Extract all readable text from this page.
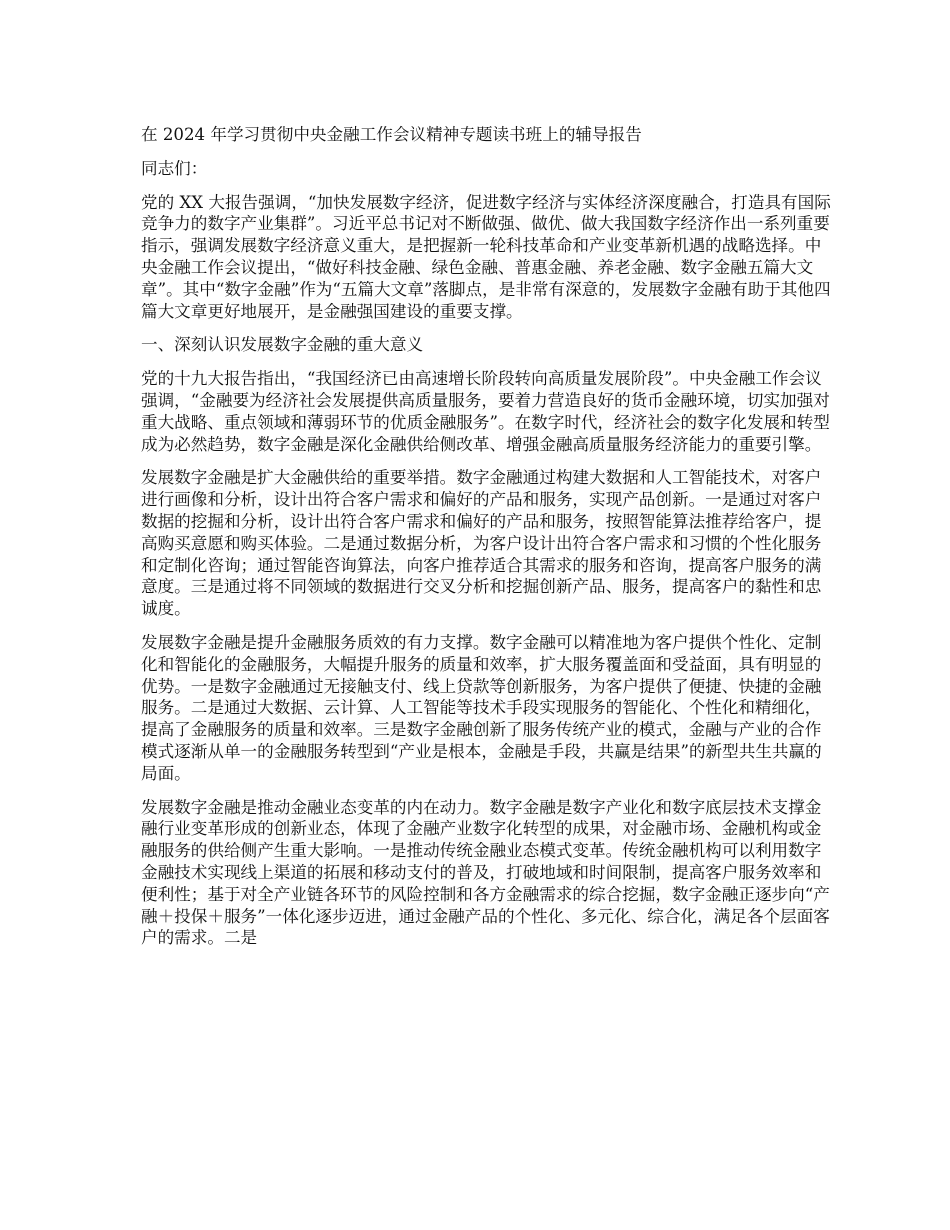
在 2024 年学习贯彻中央金融工作会议精神专题读书班上的辅导报告
同志们：
党的 XX 大报告强调，“加快发展数字经济，促进数字经济与实体经济深度融合，打造具有国际竞争力的数字产业集群”。习近平总书记对不断做强、做优、做大我国数字经济作出一系列重要指示，强调发展数字经济意义重大，是把握新一轮科技革命和产业变革新机遇的战略选择。中央金融工作会议提出，“做好科技金融、绿色金融、普惠金融、养老金融、数字金融五篇大文章”。其中“数字金融”作为“五篇大文章”落脚点，是非常有深意的，发展数字金融有助于其他四篇大文章更好地展开，是金融强国建设的重要支撑。
一、深刻认识发展数字金融的重大意义
党的十九大报告指出，“我国经济已由高速增长阶段转向高质量发展阶段”。中央金融工作会议强调，“金融要为经济社会发展提供高质量服务，要着力营造良好的货币金融环境，切实加强对重大战略、重点领域和薄弱环节的优质金融服务”。在数字时代，经济社会的数字化发展和转型成为必然趋势，数字金融是深化金融供给侧改革、增强金融高质量服务经济能力的重要引擎。
发展数字金融是扩大金融供给的重要举措。数字金融通过构建大数据和人工智能技术，对客户进行画像和分析，设计出符合客户需求和偏好的产品和服务，实现产品创新。一是通过对客户数据的挖掘和分析，设计出符合客户需求和偏好的产品和服务，按照智能算法推荐给客户，提高购买意愿和购买体验。二是通过数据分析，为客户设计出符合客户需求和习惯的个性化服务和定制化咨询；通过智能咨询算法，向客户推荐适合其需求的服务和咨询，提高客户服务的满意度。三是通过将不同领域的数据进行交叉分析和挖掘创新产品、服务，提高客户的黏性和忠诚度。
发展数字金融是提升金融服务质效的有力支撑。数字金融可以精准地为客户提供个性化、定制化和智能化的金融服务，大幅提升服务的质量和效率，扩大服务覆盖面和受益面，具有明显的优势。一是数字金融通过无接触支付、线上贷款等创新服务，为客户提供了便捷、快捷的金融服务。二是通过大数据、云计算、人工智能等技术手段实现服务的智能化、个性化和精细化，提高了金融服务的质量和效率。三是数字金融创新了服务传统产业的模式，金融与产业的合作模式逐渐从单一的金融服务转型到“产业是根本，金融是手段，共赢是结果”的新型共生共赢的局面。
发展数字金融是推动金融业态变革的内在动力。数字金融是数字产业化和数字底层技术支撑金融行业变革形成的创新业态，体现了金融产业数字化转型的成果，对金融市场、金融机构或金融服务的供给侧产生重大影响。一是推动传统金融业态模式变革。传统金融机构可以利用数字金融技术实现线上渠道的拓展和移动支付的普及，打破地域和时间限制，提高客户服务效率和便利性；基于对全产业链各环节的风险控制和各方金融需求的综合挖掘，数字金融正逐步向“产融＋投保＋服务”一体化逐步迈进，通过金融产品的个性化、多元化、综合化，满足各个层面客户的需求。二是
